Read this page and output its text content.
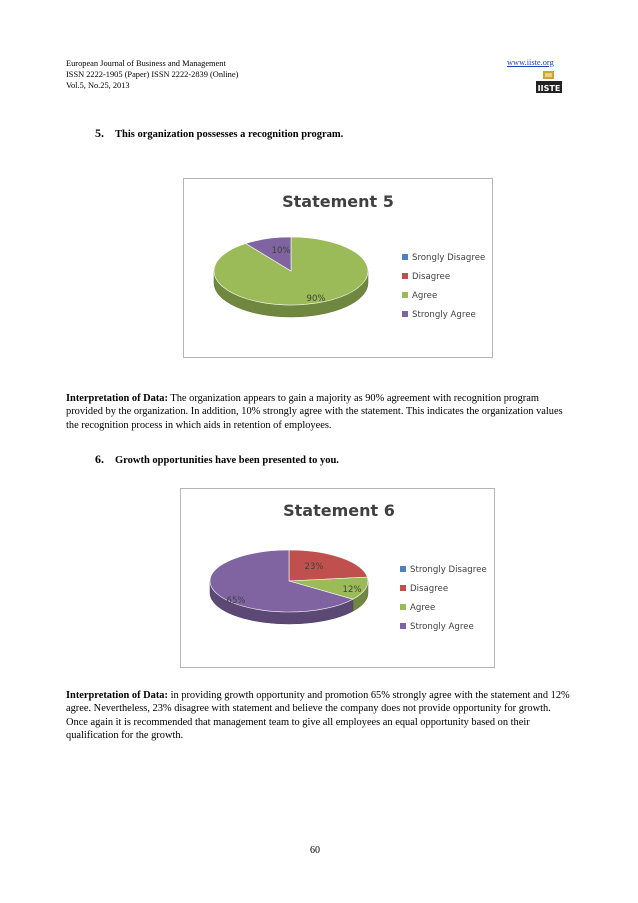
European Journal of Business and Management
ISSN 2222-1905 (Paper) ISSN 2222-2839 (Online)
Vol.5, No.25, 2013
www.iiste.org
IISTE
5. This organization possesses a recognition program.
Statement 5
90%
10%
Srongly Disagree
Disagree
Agree
Strongly Agree
Interpretation of Data: The organization appears to gain a majority as 90% agreement with recognition program provided by the organization. In addition, 10% strongly agree with the statement. This indicates the organization values the recognition process in which aids in retention of employees.
6. Growth opportunities have been presented to you.
Statement 6
23%
12%
65%
Strongly Disagree
Disagree
Agree
Strongly Agree
Interpretation of Data: in providing growth opportunity and promotion 65% strongly agree with the statement and 12% agree. Nevertheless, 23% disagree with statement and believe the company does not provide opportunity for growth. Once again it is recommended that management team to give all employees an equal opportunity based on their qualification for the growth.
60
